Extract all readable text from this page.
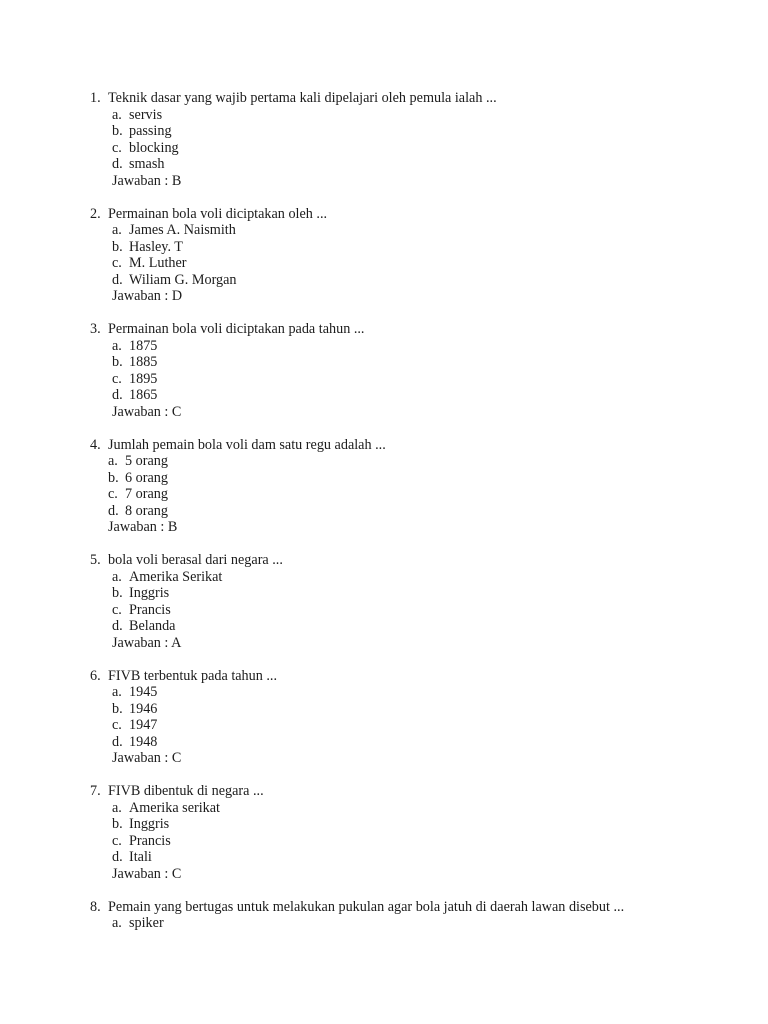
1. Teknik dasar yang wajib pertama kali dipelajari oleh pemula ialah ...
a. servis
b. passing
c. blocking
d. smash
Jawaban : B
2. Permainan bola voli diciptakan oleh ...
a. James A. Naismith
b. Hasley. T
c. M. Luther
d. Wiliam G. Morgan
Jawaban : D
3. Permainan bola voli diciptakan pada tahun ...
a. 1875
b. 1885
c. 1895
d. 1865
Jawaban : C
4. Jumlah pemain bola voli dam satu regu adalah ...
a. 5 orang
b. 6 orang
c. 7 orang
d. 8 orang
Jawaban : B
5. bola voli berasal dari negara ...
a. Amerika Serikat
b. Inggris
c. Prancis
d. Belanda
Jawaban : A
6. FIVB terbentuk pada tahun ...
a. 1945
b. 1946
c. 1947
d. 1948
Jawaban : C
7. FIVB dibentuk di negara ...
a. Amerika serikat
b. Inggris
c. Prancis
d. Itali
Jawaban : C
8. Pemain yang bertugas untuk melakukan pukulan agar bola jatuh di daerah lawan disebut ...
a. spiker
